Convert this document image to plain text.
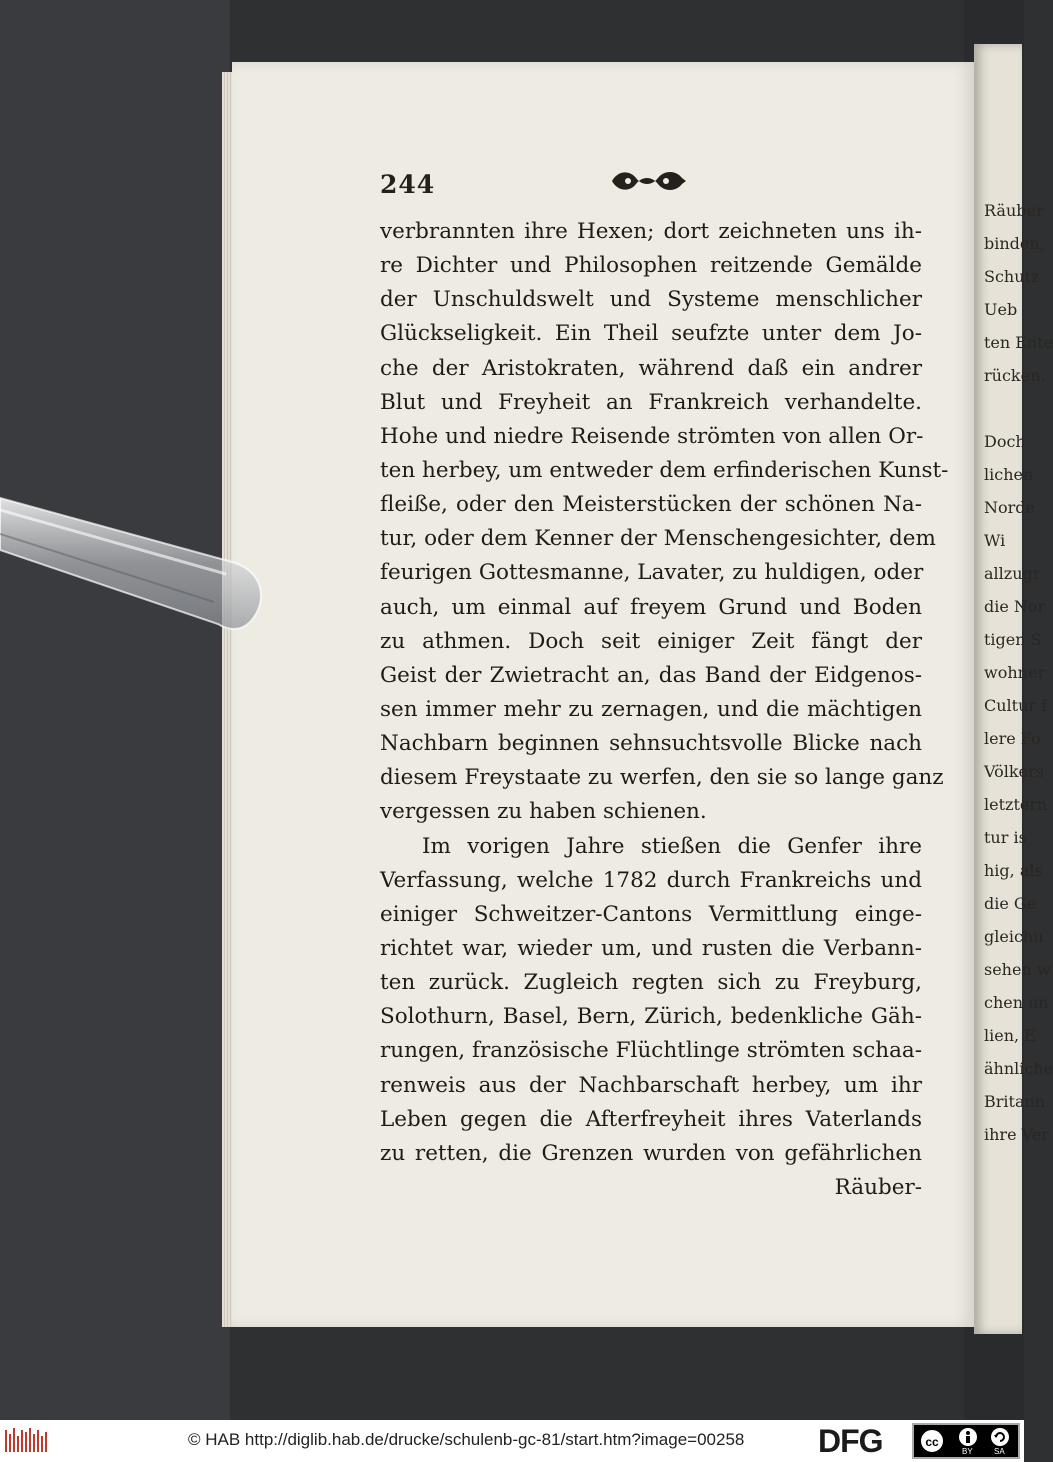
Räuber
binden,
Schutz
Ueb
ten Ente
rücken.

Doch
lichen
Norde
Wi
allzugr
die Nor
tigen S
wohner
Cultur f
lere Fo
Völkers
letztern
tur is
hig, als
die Ge
gleichu
sehen w
chen un
lien, E
ähnliche
Britann
ihre Ver
244
verbrannten ihre Hexen; dort zeichneten uns ih-
re Dichter und Philosophen reitzende Gemälde
der Unschuldswelt und Systeme menschlicher
Glückseligkeit. Ein Theil seufzte unter dem Jo-
che der Aristokraten, während daß ein andrer
Blut und Freyheit an Frankreich verhandelte.
Hohe und niedre Reisende strömten von allen Or-
ten herbey, um entweder dem erfinderischen Kunst-
fleiße, oder den Meisterstücken der schönen Na-
tur, oder dem Kenner der Menschengesichter, dem
feurigen Gottesmanne, Lavater, zu huldigen, oder
auch, um einmal auf freyem Grund und Boden
zu athmen. Doch seit einiger Zeit fängt der
Geist der Zwietracht an, das Band der Eidgenos-
sen immer mehr zu zernagen, und die mächtigen
Nachbarn beginnen sehnsuchtsvolle Blicke nach
diesem Freystaate zu werfen, den sie so lange ganz
vergessen zu haben schienen.
Im vorigen Jahre stießen die Genfer ihre
Verfassung, welche 1782 durch Frankreichs und
einiger Schweitzer-Cantons Vermittlung einge-
richtet war, wieder um, und rusten die Verbann-
ten zurück. Zugleich regten sich zu Freyburg,
Solothurn, Basel, Bern, Zürich, bedenkliche Gäh-
rungen, französische Flüchtlinge strömten schaa-
renweis aus der Nachbarschaft herbey, um ihr
Leben gegen die Afterfreyheit ihres Vaterlands
zu retten, die Grenzen wurden von gefährlichen
Räuber-
© HAB http://diglib.hab.de/drucke/schulenb-gc-81/start.htm?image=00258 DFG	cc
BY	SA
